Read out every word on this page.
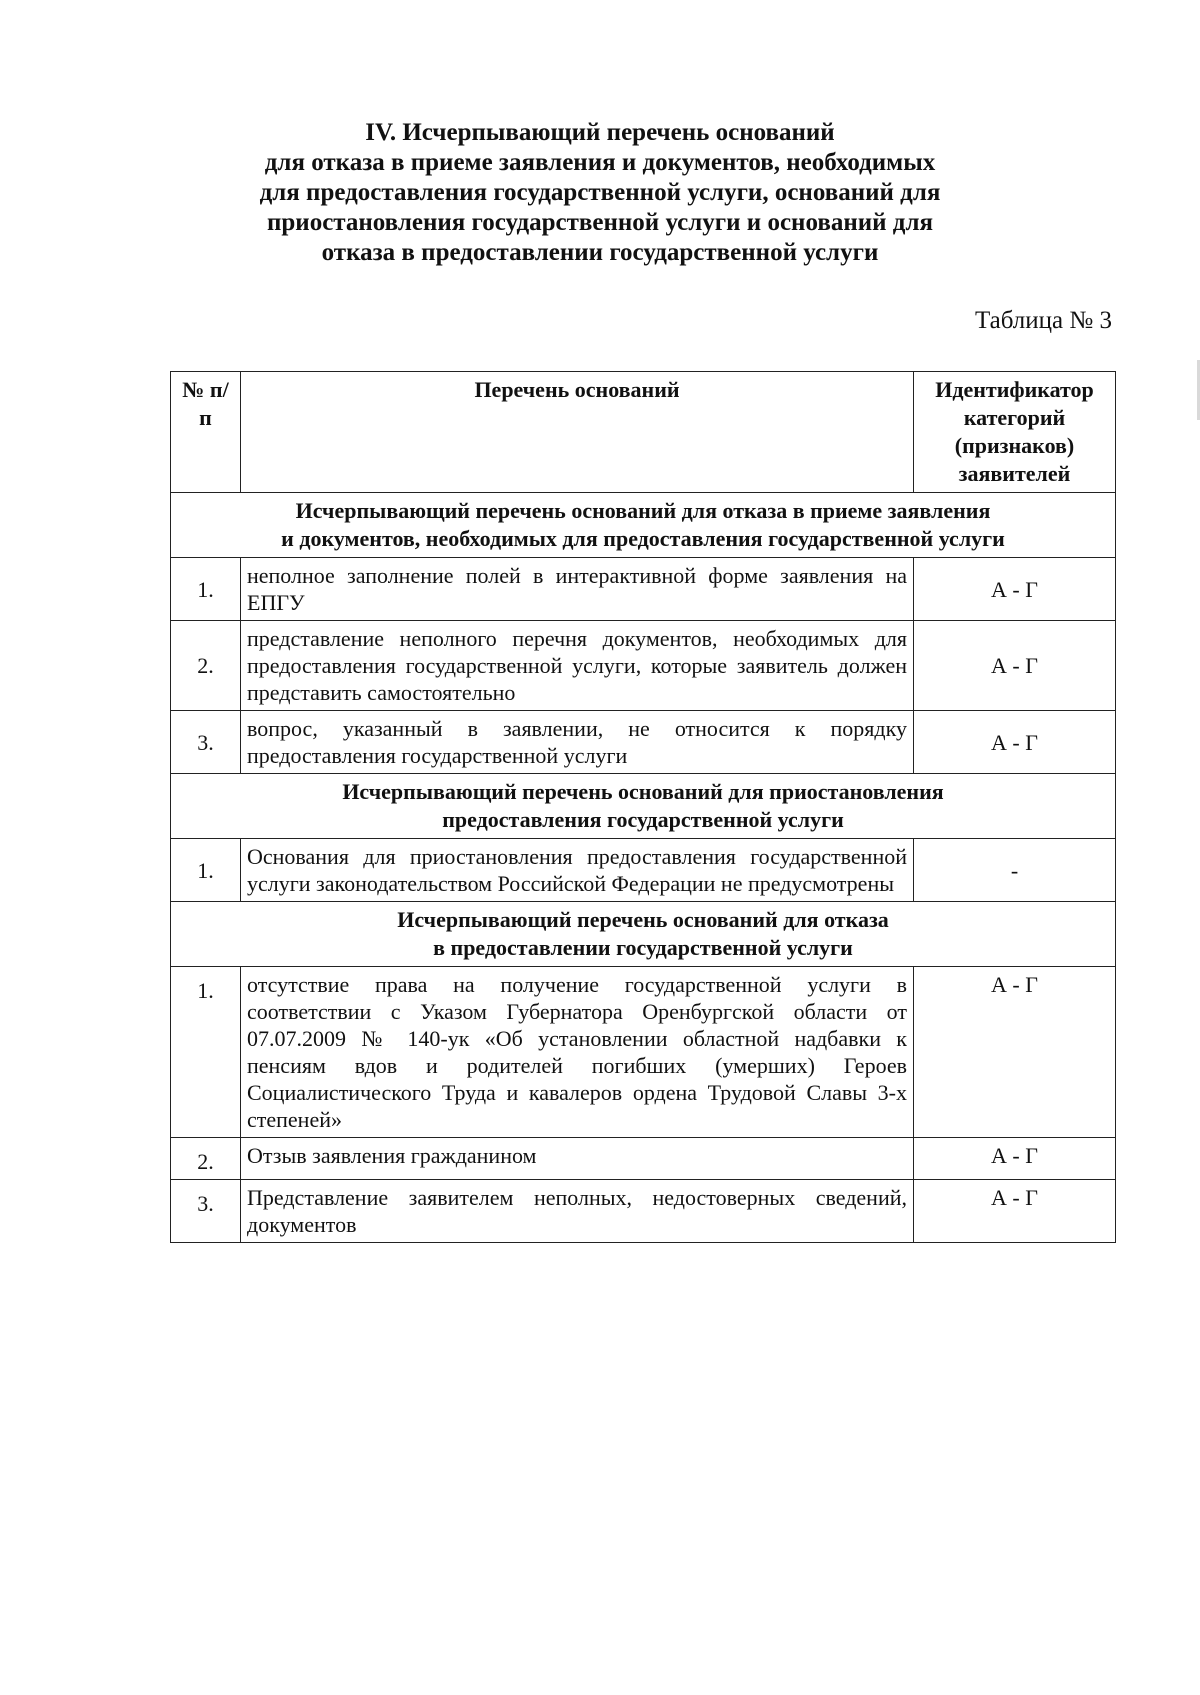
IV. Исчерпывающий перечень оснований
для отказа в приеме заявления и документов, необходимых
для предоставления государственной услуги, оснований для
приостановления государственной услуги и оснований для
отказа в предоставлении государственной услуги
Таблица № 3
№ п/п	Перечень оснований	Идентификатор категорий (признаков) заявителей

Исчерпывающий перечень оснований для отказа в приеме заявления
и документов, необходимых для предоставления государственной услуги		

1.	неполное заполнение полей в интерактивной форме заявления на ЕПГУ	А - Г
2.	представление неполного перечня документов, необходимых для предоставления государственной услуги, которые заявитель должен представить самостоятельно	А - Г
3.	вопрос, указанный в заявлении, не относится к порядку предоставления государственной услуги	А - Г

Исчерпывающий перечень оснований для приостановления
предоставления государственной услуги		

1.	Основания для приостановления предоставления государственной услуги законодательством Российской Федерации не предусмотрены	-

Исчерпывающий перечень оснований для отказа
в предоставлении государственной услуги		

1.	отсутствие права на получение государственной услуги в соответствии с Указом Губернатора Оренбургской области от 07.07.2009 № 140-ук «Об установлении областной надбавки к пенсиям вдов и родителей погибших (умерших) Героев Социалистического Труда и кавалеров ордена Трудовой Славы 3-х степеней»	А - Г
2.	Отзыв заявления гражданином	А - Г
3.	Представление заявителем неполных, недостоверных сведений, документов	А - Г
